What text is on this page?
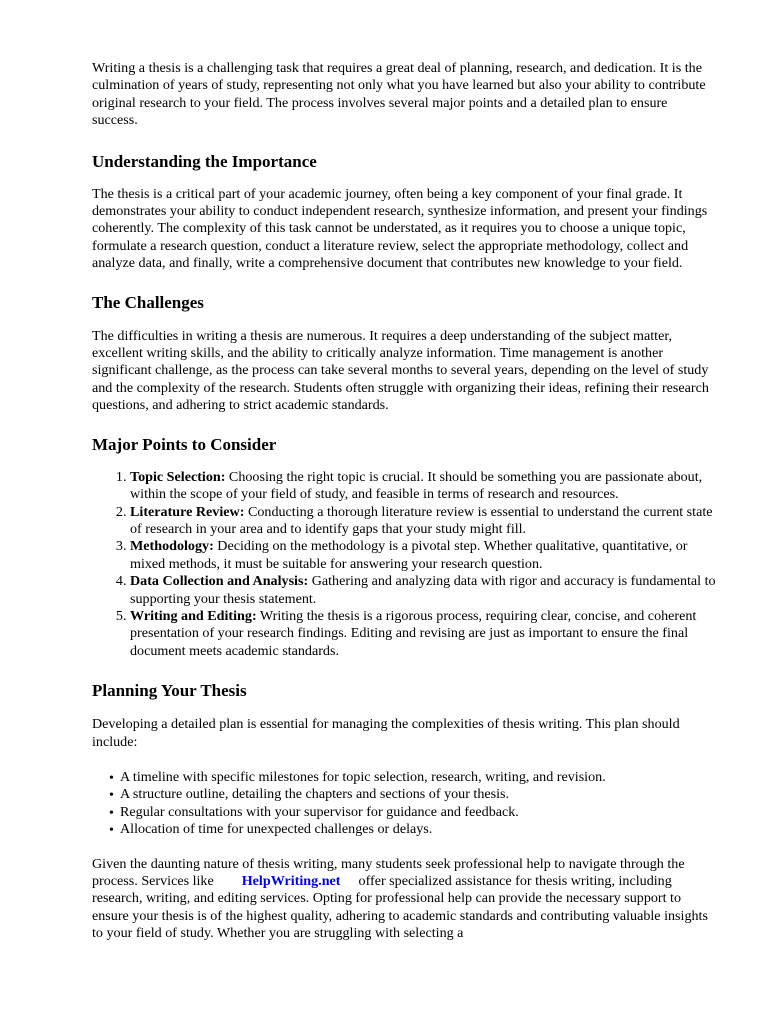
Writing a thesis is a challenging task that requires a great deal of planning, research, and dedication. It is the culmination of years of study, representing not only what you have learned but also your ability to contribute original research to your field. The process involves several major points and a detailed plan to ensure success.

Understanding the Importance

The thesis is a critical part of your academic journey, often being a key component of your final grade. It demonstrates your ability to conduct independent research, synthesize information, and present your findings coherently. The complexity of this task cannot be understated, as it requires you to choose a unique topic, formulate a research question, conduct a literature review, select the appropriate methodology, collect and analyze data, and finally, write a comprehensive document that contributes new knowledge to your field.

The Challenges

The difficulties in writing a thesis are numerous. It requires a deep understanding of the subject matter, excellent writing skills, and the ability to critically analyze information. Time management is another significant challenge, as the process can take several months to several years, depending on the level of study and the complexity of the research. Students often struggle with organizing their ideas, refining their research questions, and adhering to strict academic standards.

Major Points to Consider
1. Topic Selection: Choosing the right topic is crucial. It should be something you are passionate about, within the scope of your field of study, and feasible in terms of research and resources.
2. Literature Review: Conducting a thorough literature review is essential to understand the current state of research in your area and to identify gaps that your study might fill.
3. Methodology: Deciding on the methodology is a pivotal step. Whether qualitative, quantitative, or mixed methods, it must be suitable for answering your research question.
4. Data Collection and Analysis: Gathering and analyzing data with rigor and accuracy is fundamental to supporting your thesis statement.
5. Writing and Editing: Writing the thesis is a rigorous process, requiring clear, concise, and coherent presentation of your research findings. Editing and revising are just as important to ensure the final document meets academic standards.
Planning Your Thesis

Developing a detailed plan is essential for managing the complexities of thesis writing. This plan should include:

• A timeline with specific milestones for topic selection, research, writing, and revision.
• A structure outline, detailing the chapters and sections of your thesis.
• Regular consultations with your supervisor for guidance and feedback.
• Allocation of time for unexpected challenges or delays.

Given the daunting nature of thesis writing, many students seek professional help to navigate through the process. Services like HelpWriting.net offer specialized assistance for thesis writing, including research, writing, and editing services. Opting for professional help can provide the necessary support to ensure your thesis is of the highest quality, adhering to academic standards and contributing valuable insights to your field of study. Whether you are struggling with selecting a
